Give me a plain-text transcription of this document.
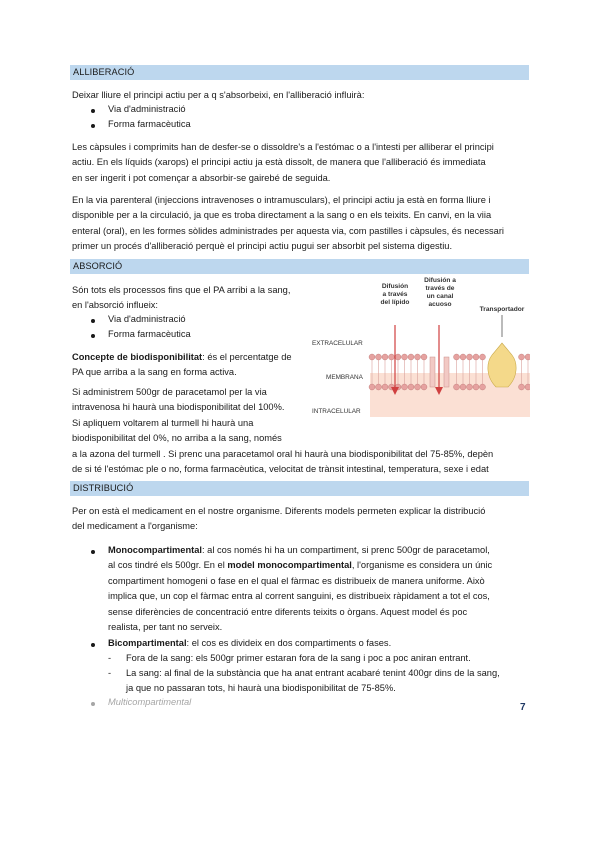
ALLIBERACIÓ
Deixar lliure el principi actiu per a q s'absorbeixi, en l'alliberació influirà:
Via d'administració
Forma farmacèutica
Les càpsules i comprimits han de desfer-se o dissoldre's a l'estómac o a l'intesti per alliberar el principi
actiu. En els líquids (xarops) el principi actiu ja està dissolt, de manera que l'alliberació és immediata
en ser ingerit i pot començar a absorbir-se gairebé de seguida.
En la via parenteral (injeccions intravenoses o intramusculars), el principi actiu ja està en forma lliure i
disponible per a la circulació, ja que es troba directament a la sang o en els teixits. En canvi, en la viia
enteral (oral), en les formes sòlides administrades per aquesta via, com pastilles i càpsules, és necessari
primer un procés d'alliberació perquè el principi actiu pugui ser absorbit pel sistema digestiu.
ABSORCIÓ
Són tots els processos fins que el PA arribi a la sang,
en l'absorció influeix:
Via d'administració
Forma farmacèutica
Concepte de biodisponibilitat: és el percentatge de
PA que arriba a la sang en forma activa.
Si administrem 500gr de paracetamol per la via
intravenosa hi haurà una biodisponibilitat del 100%.
Si apliquem voltarem al turmell hi haurà una
biodisponibilitat del 0%, no arriba a la sang, només
a la azona del turmell . Si prenc una paracetamol oral hi haurà una biodisponibilitat del 75-85%, depèn
de si té l'estómac ple o no, forma farmacèutica, velocitat de trànsit intestinal, temperatura, sexe i edat
Difusión
a través
del lípido
Difusión a
través de
un canal
acuoso
Transportador
EXTRACELULAR
MEMBRANA
INTRACELULAR
DISTRIBUCIÓ
Per on està el medicament en el nostre organisme. Diferents models permeten explicar la distribució
del medicament a l'organisme:
Monocompartimental: al cos només hi ha un compartiment, si prenc 500gr de paracetamol,
al cos tindré els 500gr. En el model monocompartimental, l'organisme es considera un únic
compartiment homogeni o fase en el qual el fàrmac es distribueix de manera uniforme. Això
implica que, un cop el fàrmac entra al corrent sanguini, es distribueix ràpidament a tot el cos,
sense diferències de concentració entre diferents teixits o òrgans. Aquest model és poc
realista, per tant no serveix.
Bicompartimental: el cos es divideix en dos compartiments o fases.
- Fora de la sang: els 500gr primer estaran fora de la sang i poc a poc aniran entrant.
- La sang: al final de la substància que ha anat entrant acabaré tenint 400gr dins de la sang,
ja que no passaran tots, hi haurà una biodisponibilitat de 75-85%.
Multicompartimental	7
